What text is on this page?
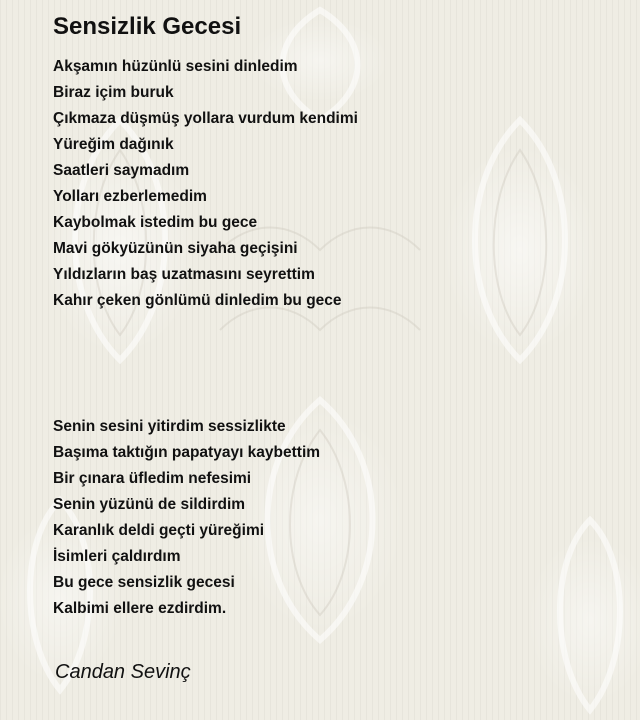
Sensizlik Gecesi
Akşamın hüzünlü sesini dinledim
Biraz içim buruk
Çıkmaza düşmüş yollara vurdum kendimi
Yüreğim dağınık
Saatleri saymadım
Yolları ezberlemedim
Kaybolmak istedim bu gece
Mavi gökyüzünün siyaha geçişini
Yıldızların baş uzatmasını seyrettim
Kahır çeken gönlümü dinledim bu gece
Senin sesini yitirdim sessizlikte
Başıma taktığın papatyayı kaybettim
Bir çınara üfledim nefesimi
Senin yüzünü de sildirdim
Karanlık deldi geçti yüreğimi
İsimleri çaldırdım
Bu gece sensizlik gecesi
Kalbimi ellere ezdirdim.
Candan Sevinç
